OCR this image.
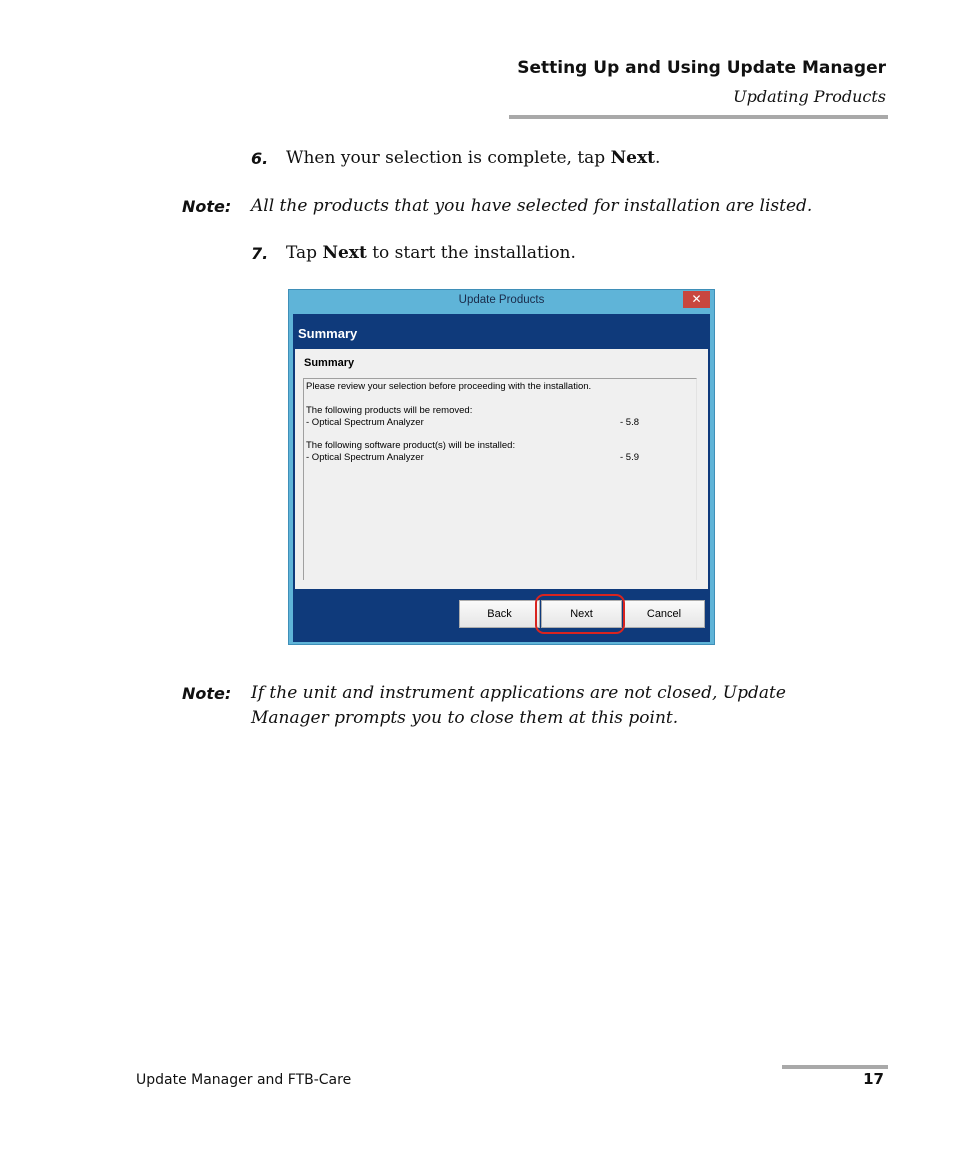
Setting Up and Using Update Manager
Updating Products
6. When your selection is complete, tap Next.
Note: All the products that you have selected for installation are listed.
7. Tap Next to start the installation.
Update Products	✕
Summary
Summary
Please review your selection before proceeding with the installation.
The following products will be removed:
- Optical Spectrum Analyzer	- 5.8
The following software product(s) will be installed:
- Optical Spectrum Analyzer	- 5.9
Back	Next	Cancel
Note: If the unit and instrument applications are not closed, Update Manager prompts you to close them at this point.
Update Manager and FTB-Care	17
